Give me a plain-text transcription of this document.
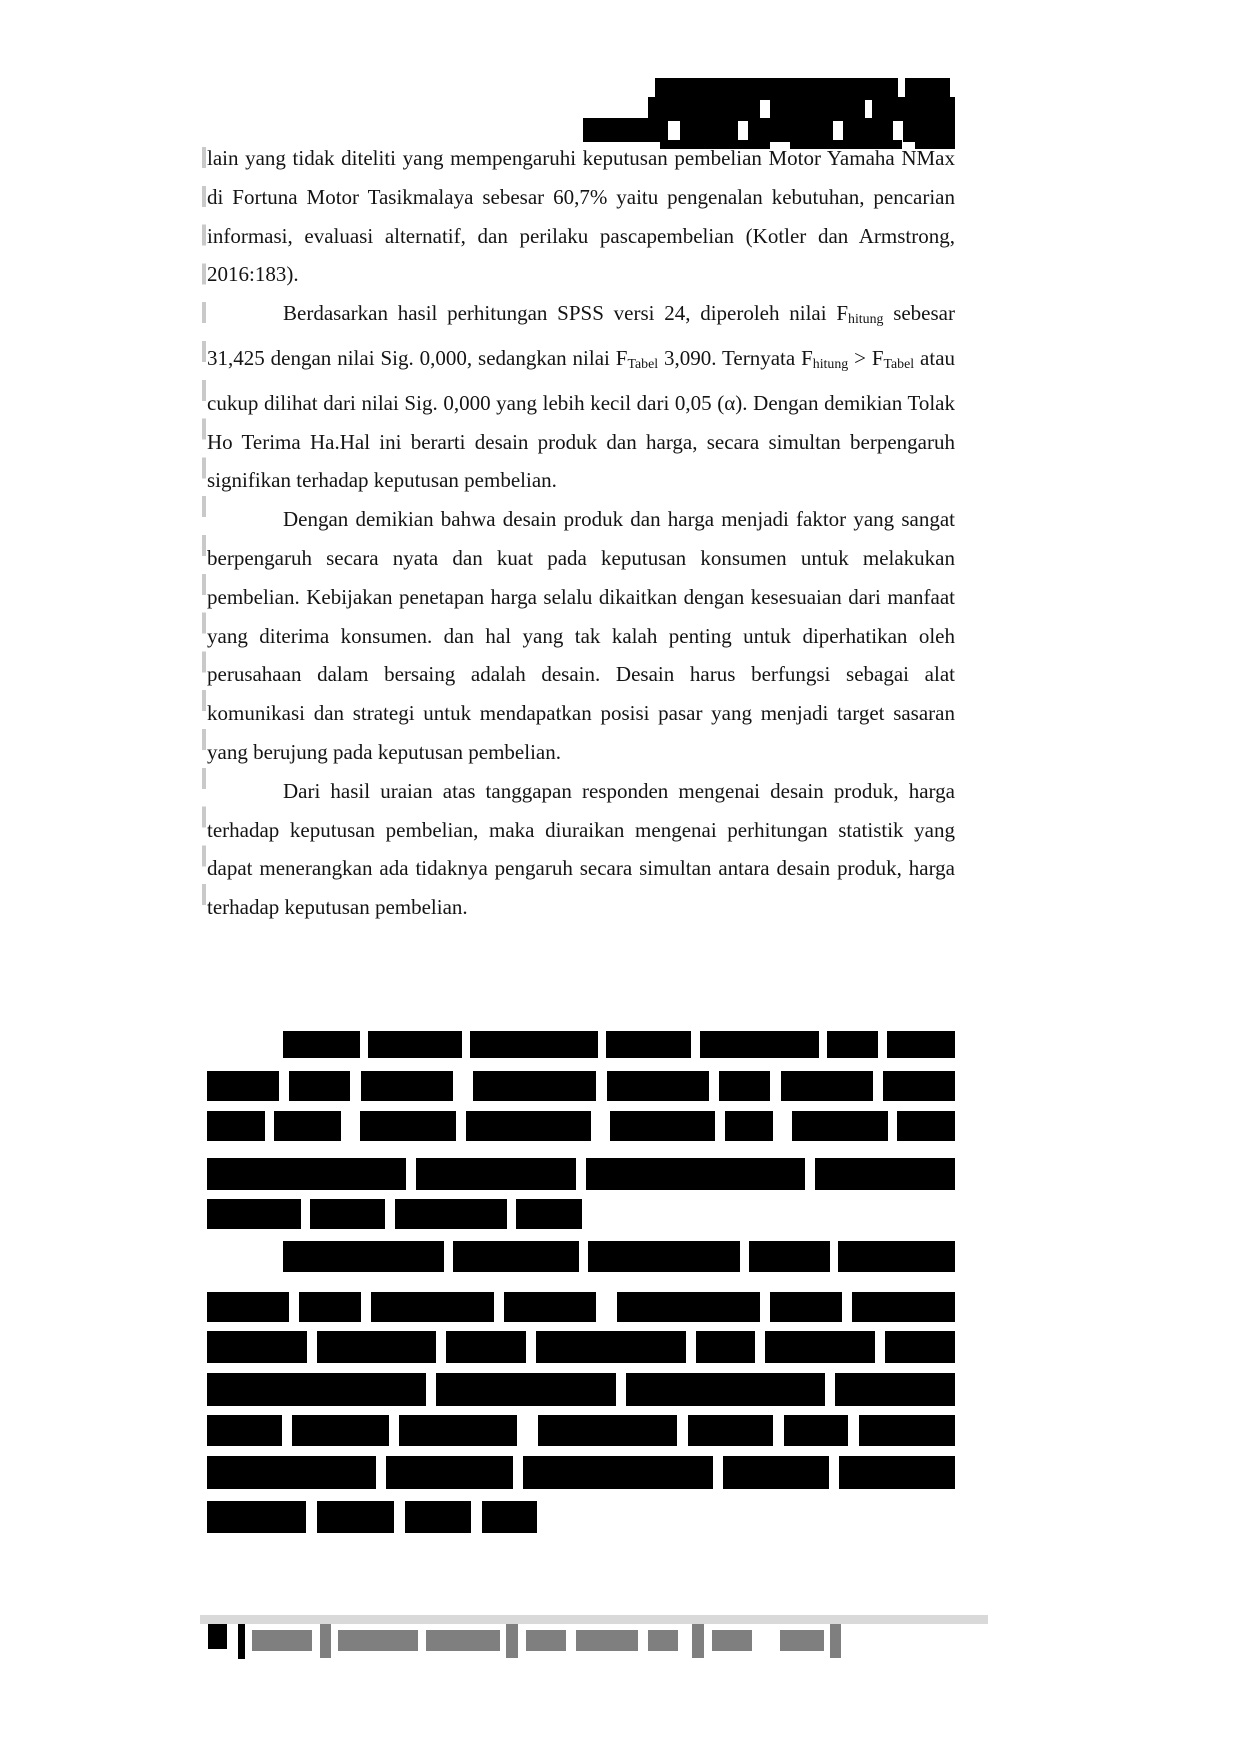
lain yang tidak diteliti yang mempengaruhi keputusan pembelian Motor Yamaha NMax di Fortuna Motor Tasikmalaya sebesar 60,7% yaitu pengenalan kebutuhan, pencarian informasi, evaluasi alternatif, dan perilaku pascapembelian (Kotler dan Armstrong, 2016:183).

Berdasarkan hasil perhitungan SPSS versi 24, diperoleh nilai $F_{hitung}$ sebesar 31,425 dengan nilai Sig. 0,000, sedangkan nilai $F_{Tabel}$ 3,090. Ternyata $F_{hitung} > F_{Tabel}$ atau cukup dilihat dari nilai Sig. 0,000 yang lebih kecil dari 0,05 (α). Dengan demikian Tolak Ho Terima Ha.Hal ini berarti desain produk dan harga, secara simultan berpengaruh signifikan terhadap keputusan pembelian.

Dengan demikian bahwa desain produk dan harga menjadi faktor yang sangat berpengaruh secara nyata dan kuat pada keputusan konsumen untuk melakukan pembelian. Kebijakan penetapan harga selalu dikaitkan dengan kesesuaian dari manfaat yang diterima konsumen. dan hal yang tak kalah penting untuk diperhatikan oleh perusahaan dalam bersaing adalah desain. Desain harus berfungsi sebagai alat komunikasi dan strategi untuk mendapatkan posisi pasar yang menjadi target sasaran yang berujung pada keputusan pembelian.

Dari hasil uraian atas tanggapan responden mengenai desain produk, harga terhadap keputusan pembelian, maka diuraikan mengenai perhitungan statistik yang dapat menerangkan ada tidaknya pengaruh secara simultan antara desain produk, harga terhadap keputusan pembelian.
